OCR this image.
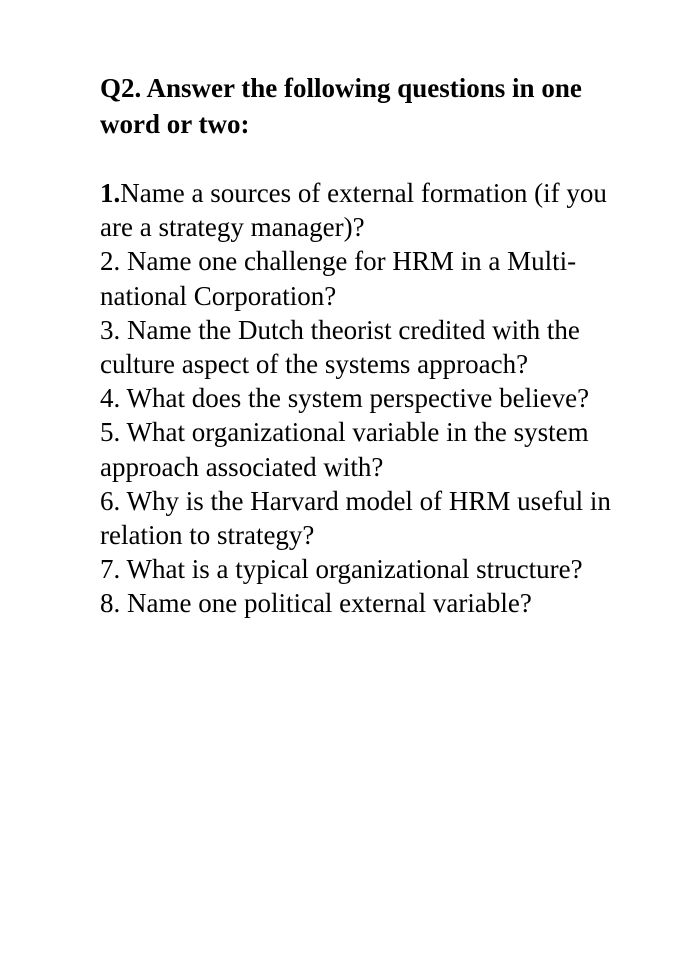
Q2. Answer the following questions in one word or two:

1.Name a sources of external formation (if you are a strategy manager)?
2. Name one challenge for HRM in a Multi-national Corporation?
3. Name the Dutch theorist credited with the culture aspect of the systems approach?
4. What does the system perspective believe?
5. What organizational variable in the system approach associated with?
6. Why is the Harvard model of HRM useful in relation to strategy?
7. What is a typical organizational structure?
8. Name one political external variable?
